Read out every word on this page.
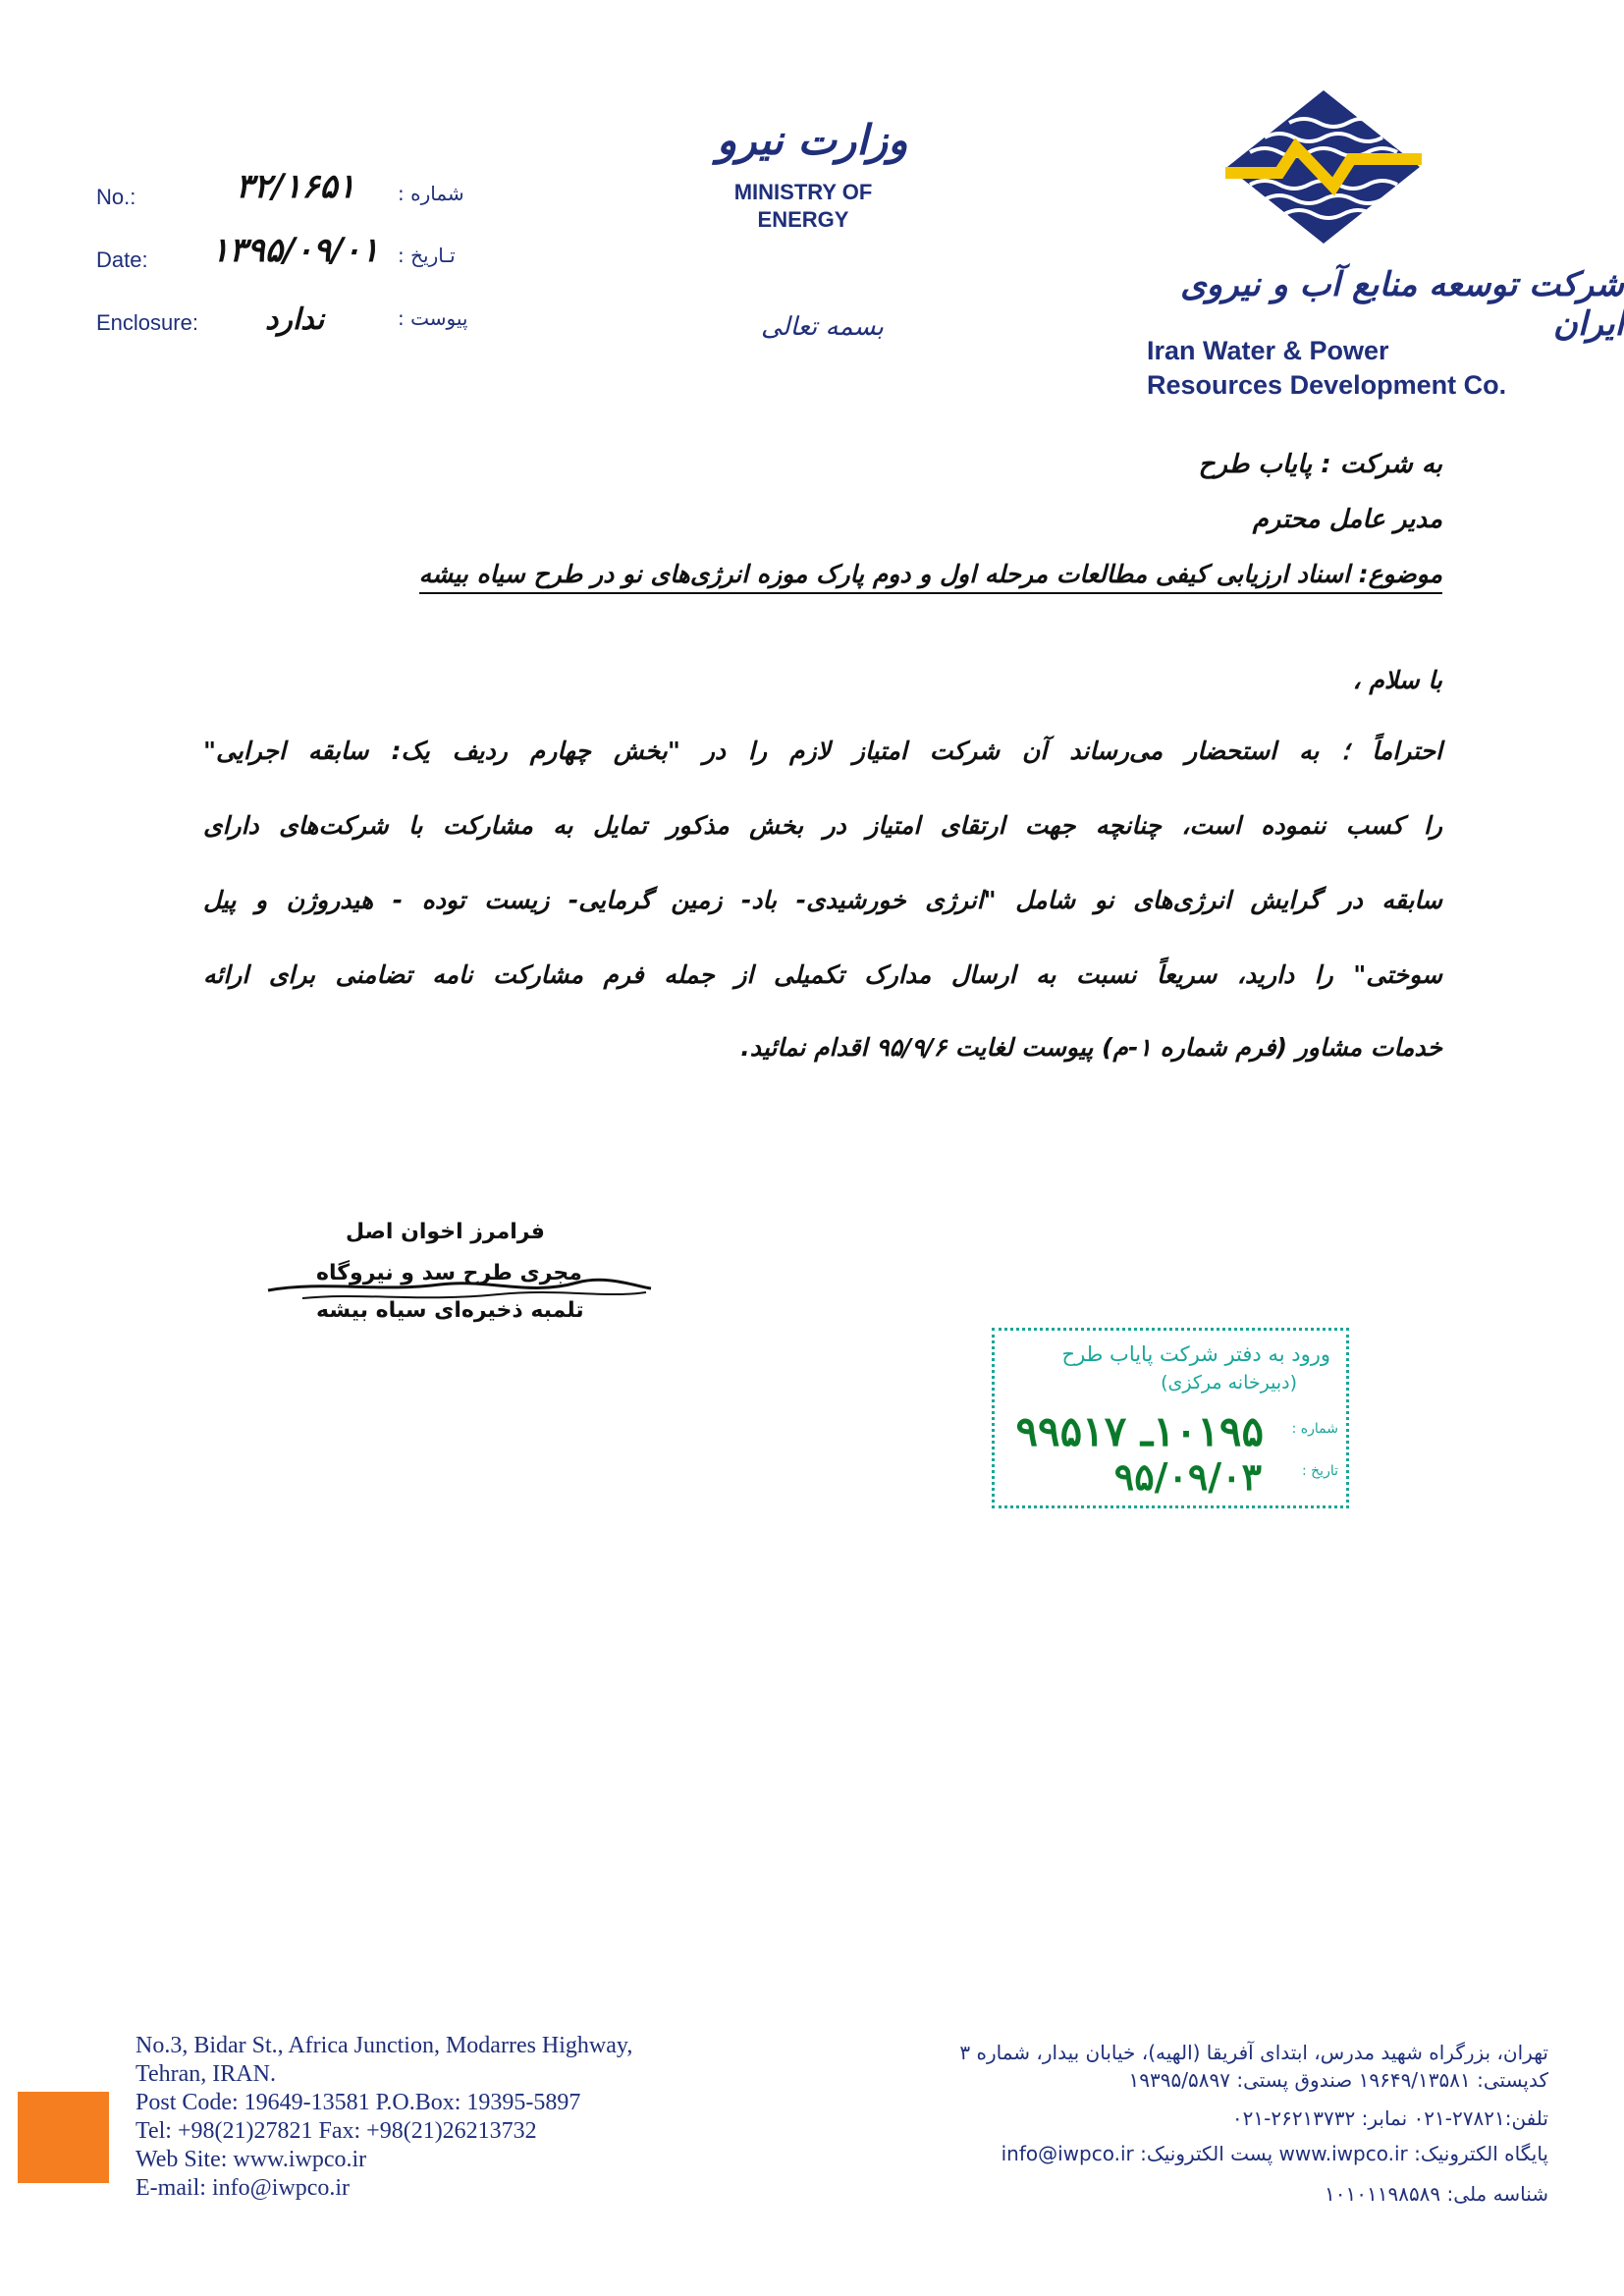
No.:	شماره :
۳۲/۱۶۵۱
Date:	تـاریخ :
۱۳۹۵/۰۹/۰۱
Enclosure:	پیوست :
ندارد
وزارت نیرو
MINISTRY OF
ENERGY
بسمه تعالی
شرکت توسعه منابع آب و نیروی ایران
Iran Water & Power
Resources Development Co.
به شرکت : پایاب طرح
مدیر عامل محترم
موضوع: اسناد ارزیابی کیفی مطالعات مرحله اول و دوم پارک موزه انرژی‌های نو در طرح سیاه بیشه
با سلام ،
احتراماً ؛ به استحضار می‌رساند آن شرکت امتیاز لازم را در "بخش چهارم ردیف یک: سابقه اجرایی"
را کسب ننموده است، چنانچه جهت ارتقای امتیاز در بخش مذکور تمایل به مشارکت با شرکت‌های دارای
سابقه در گرایش انرژی‌های نو شامل "انرژی خورشیدی- باد- زمین گرمایی- زیست توده - هیدروژن و پیل
سوختی" را دارید، سریعاً نسبت به ارسال مدارک تکمیلی از جمله فرم مشارکت نامه تضامنی برای ارائه
خدمات مشاور (فرم شماره ۱-م) پیوست لغایت ۹۵/۹/۶ اقدام نمائید.
فرامرز اخوان اصل
مجری طرح سد و نیروگاه
تلمبه ذخیره‌ای سیاه بیشه
ورود به دفتر شرکت پایاب طرح
(دبیرخانه مرکزی)
شماره :
۱۰۱۹۵ـ ۹۹۵۱۷
تاریخ :
۹۵/۰۹/۰۳
No.3, Bidar St., Africa Junction, Modarres Highway,
Tehran, IRAN.
Post Code: 19649-13581 P.O.Box: 19395-5897
Tel: +98(21)27821 Fax: +98(21)26213732
Web Site: www.iwpco.ir
E-mail: info@iwpco.ir
تهران، بزرگراه شهید مدرس، ابتدای آفریقا (الهیه)، خیابان بیدار، شماره ۳
کدپستی: ۱۹۶۴۹/۱۳۵۸۱ صندوق پستی: ۱۹۳۹۵/۵۸۹۷
تلفن:۲۷۸۲۱-۰۲۱ نمابر: ۲۶۲۱۳۷۳۲-۰۲۱
پایگاه الکترونیک: www.iwpco.ir پست الکترونیک: info@iwpco.ir
شناسه ملی: ۱۰۱۰۱۱۹۸۵۸۹
